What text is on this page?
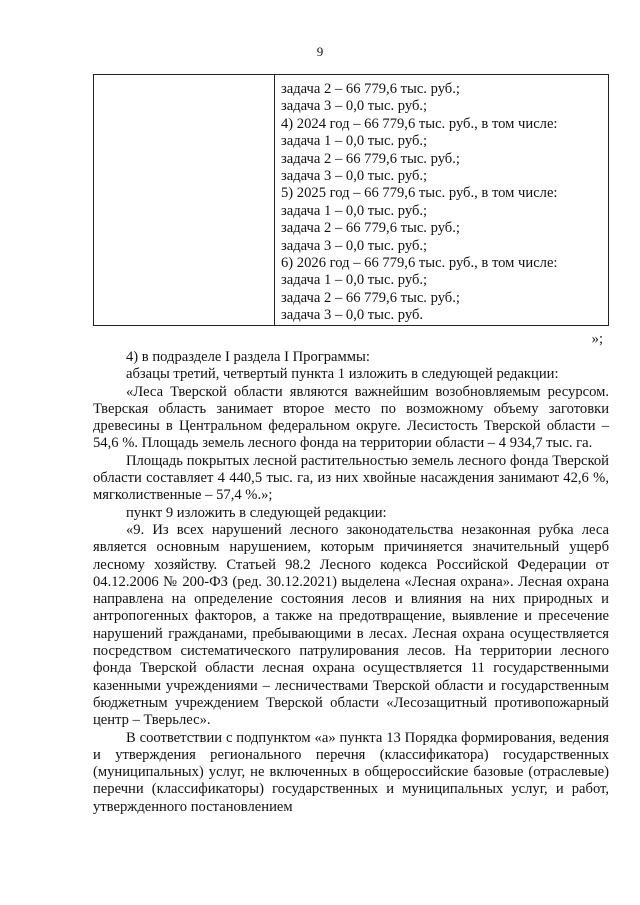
9

задача 2 – 66 779,6 тыс. руб.;
задача 3 – 0,0 тыс. руб.;
4) 2024 год – 66 779,6 тыс. руб., в том числе:
задача 1 – 0,0 тыс. руб.;
задача 2 – 66 779,6 тыс. руб.;
задача 3 – 0,0 тыс. руб.;
5) 2025 год – 66 779,6 тыс. руб., в том числе:
задача 1 – 0,0 тыс. руб.;
задача 2 – 66 779,6 тыс. руб.;
задача 3 – 0,0 тыс. руб.;
6) 2026 год – 66 779,6 тыс. руб., в том числе:
задача 1 – 0,0 тыс. руб.;
задача 2 – 66 779,6 тыс. руб.;
задача 3 – 0,0 тыс. руб.
»;

4) в подразделе I раздела I Программы:

абзацы третий, четвертый пункта 1 изложить в следующей редакции:

«Леса Тверской области являются важнейшим возобновляемым ресурсом. Тверская область занимает второе место по возможному объему заготовки древесины в Центральном федеральном округе. Лесистость Тверской области – 54,6 %. Площадь земель лесного фонда на территории области – 4 934,7 тыс. га.

Площадь покрытых лесной растительностью земель лесного фонда Тверской области составляет 4 440,5 тыс. га, из них хвойные насаждения занимают 42,6 %, мягколиственные – 57,4 %.»;

пункт 9 изложить в следующей редакции:

«9. Из всех нарушений лесного законодательства незаконная рубка леса является основным нарушением, которым причиняется значительный ущерб лесному хозяйству. Статьей 98.2 Лесного кодекса Российской Федерации от 04.12.2006 № 200-ФЗ (ред. 30.12.2021) выделена «Лесная охрана». Лесная охрана направлена на определение состояния лесов и влияния на них природных и антропогенных факторов, а также на предотвращение, выявление и пресечение нарушений гражданами, пребывающими в лесах. Лесная охрана осуществляется посредством систематического патрулирования лесов. На территории лесного фонда Тверской области лесная охрана осуществляется 11 государственными казенными учреждениями – лесничествами Тверской области и государственным бюджетным учреждением Тверской области «Лесозащитный противопожарный центр – Тверьлес».

В соответствии с подпунктом «а» пункта 13 Порядка формирования, ведения и утверждения регионального перечня (классификатора) государственных (муниципальных) услуг, не включенных в общероссийские базовые (отраслевые) перечни (классификаторы) государственных и муниципальных услуг, и работ, утвержденного постановлением
